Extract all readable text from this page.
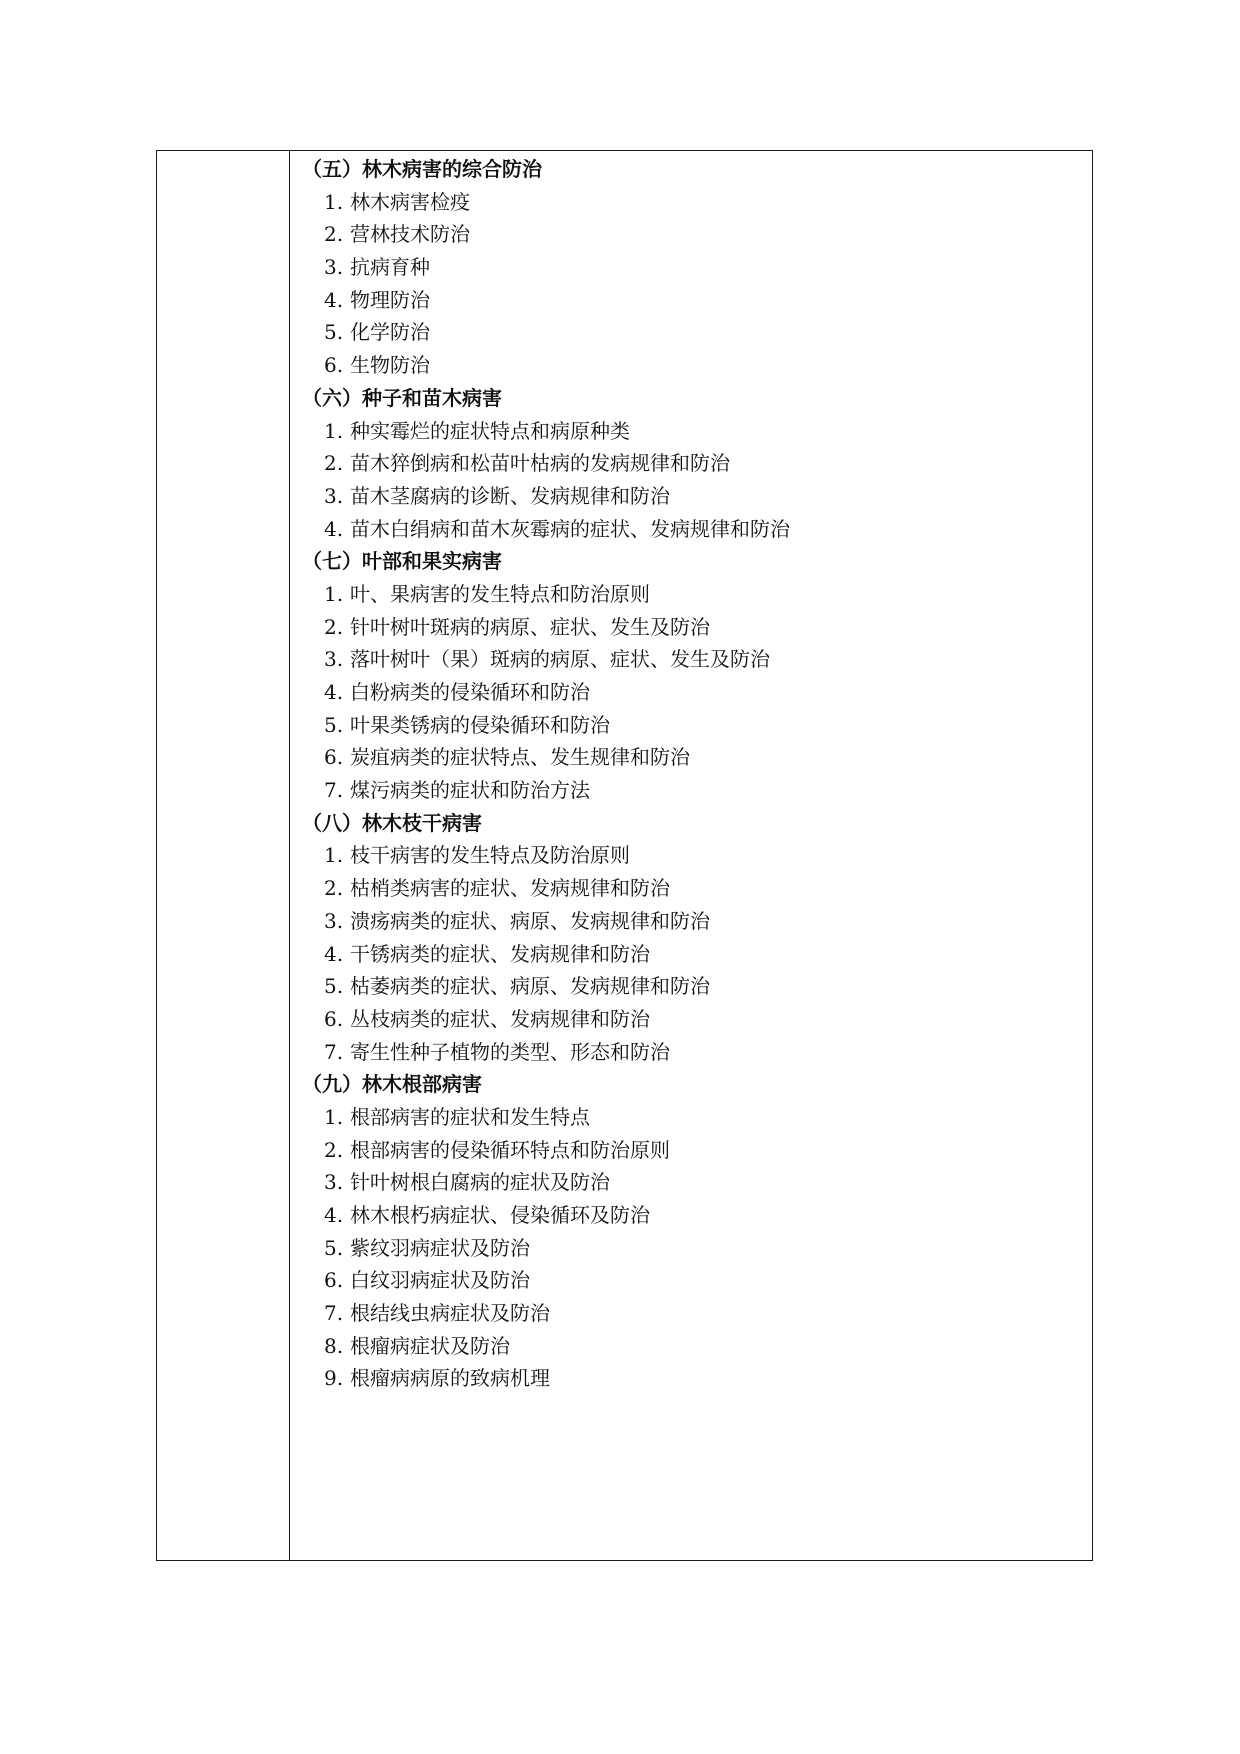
（五）林木病害的综合防治
1. 林木病害检疫
2. 营林技术防治
3. 抗病育种
4. 物理防治
5. 化学防治
6. 生物防治
（六）种子和苗木病害
1. 种实霉烂的症状特点和病原种类
2. 苗木猝倒病和松苗叶枯病的发病规律和防治
3. 苗木茎腐病的诊断、发病规律和防治
4. 苗木白绢病和苗木灰霉病的症状、发病规律和防治
（七）叶部和果实病害
1. 叶、果病害的发生特点和防治原则
2. 针叶树叶斑病的病原、症状、发生及防治
3. 落叶树叶（果）斑病的病原、症状、发生及防治
4. 白粉病类的侵染循环和防治
5. 叶果类锈病的侵染循环和防治
6. 炭疽病类的症状特点、发生规律和防治
7. 煤污病类的症状和防治方法
（八）林木枝干病害
1. 枝干病害的发生特点及防治原则
2. 枯梢类病害的症状、发病规律和防治
3. 溃疡病类的症状、病原、发病规律和防治
4. 干锈病类的症状、发病规律和防治
5. 枯萎病类的症状、病原、发病规律和防治
6. 丛枝病类的症状、发病规律和防治
7. 寄生性种子植物的类型、形态和防治
（九）林木根部病害
1. 根部病害的症状和发生特点
2. 根部病害的侵染循环特点和防治原则
3. 针叶树根白腐病的症状及防治
4. 林木根朽病症状、侵染循环及防治
5. 紫纹羽病症状及防治
6. 白纹羽病症状及防治
7. 根结线虫病症状及防治
8. 根瘤病症状及防治
9. 根瘤病病原的致病机理
